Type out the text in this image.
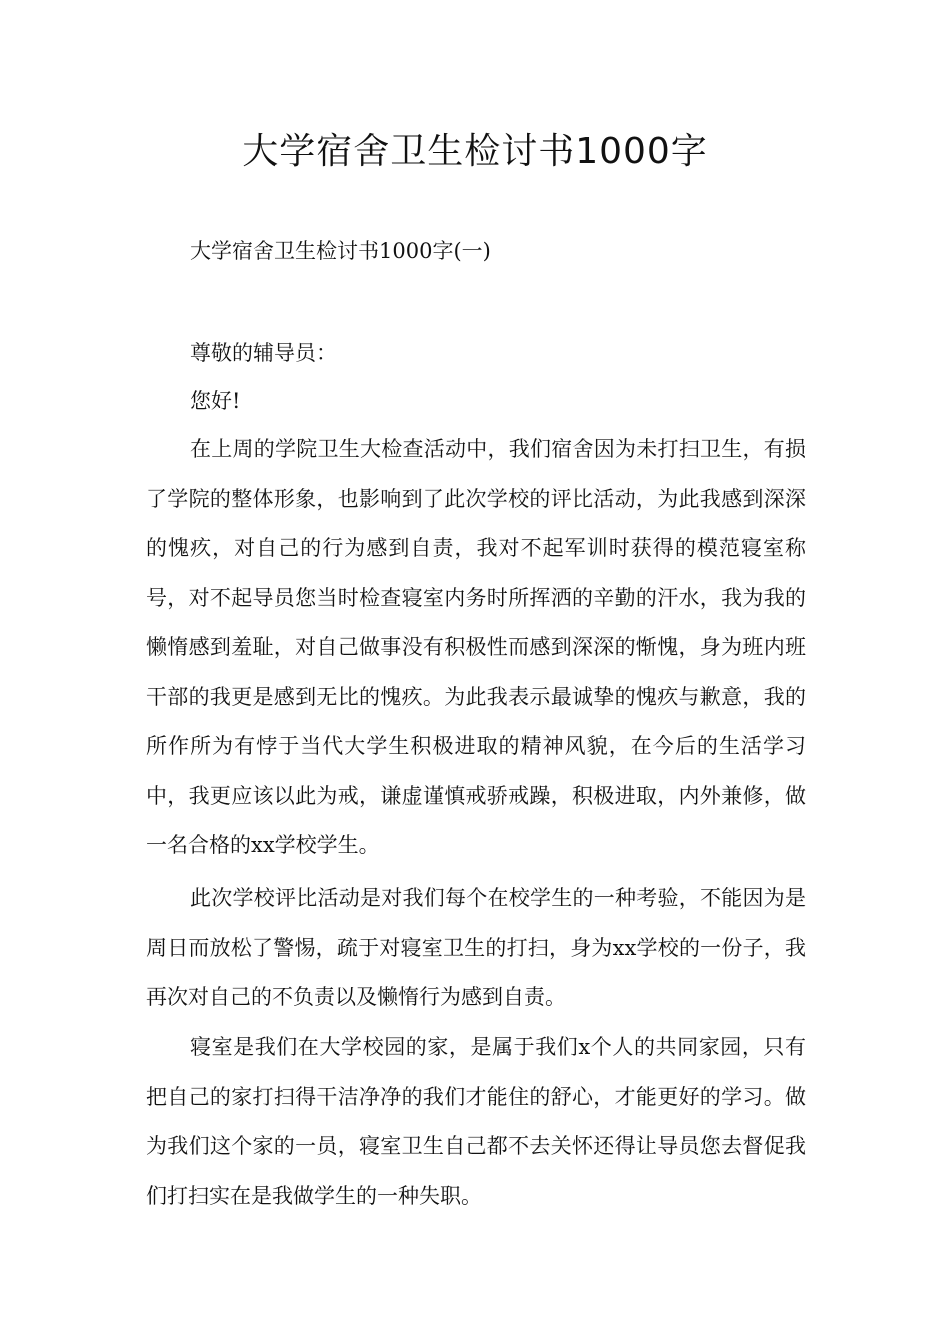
大学宿舍卫生检讨书1000字

大学宿舍卫生检讨书1000字(一)

尊敬的辅导员：

您好!

在上周的学院卫生大检查活动中，我们宿舍因为未打扫卫生，有损了学院的整体形象，也影响到了此次学校的评比活动，为此我感到深深的愧疚，对自己的行为感到自责，我对不起军训时获得的模范寝室称号，对不起导员您当时检查寝室内务时所挥洒的辛勤的汗水，我为我的懒惰感到羞耻，对自己做事没有积极性而感到深深的惭愧，身为班内班干部的我更是感到无比的愧疚。为此我表示最诚挚的愧疚与歉意，我的所作所为有悖于当代大学生积极进取的精神风貌，在今后的生活学习中，我更应该以此为戒，谦虚谨慎戒骄戒躁，积极进取，内外兼修，做一名合格的xx学校学生。

此次学校评比活动是对我们每个在校学生的一种考验，不能因为是周日而放松了警惕，疏于对寝室卫生的打扫，身为xx学校的一份子，我再次对自己的不负责以及懒惰行为感到自责。

寝室是我们在大学校园的家，是属于我们x个人的共同家园，只有把自己的家打扫得干洁净净的我们才能住的舒心，才能更好的学习。做为我们这个家的一员，寝室卫生自己都不去关怀还得让导员您去督促我们打扫实在是我做学生的一种失职。
